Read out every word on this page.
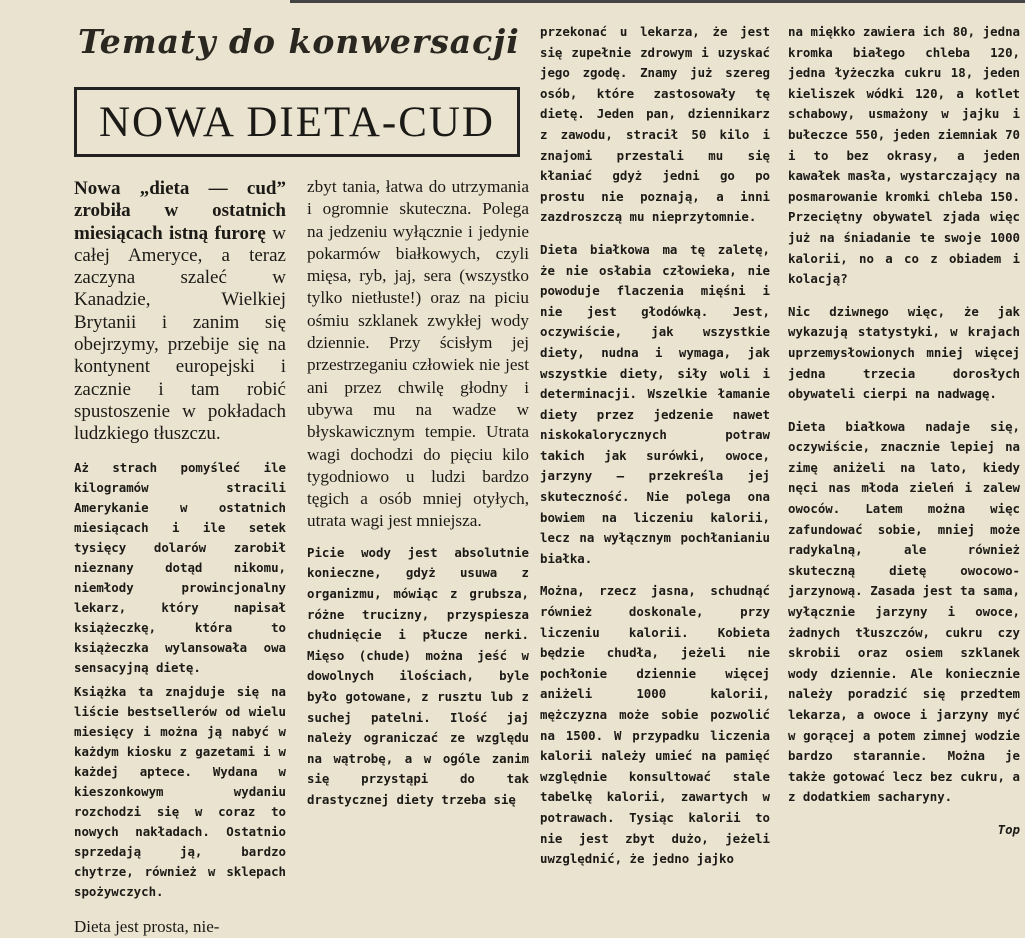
Tematy do konwersacji
NOWA DIETA-CUD

Nowa „dieta — cud” zrobiła w ostatnich miesiącach istną furorę w całej Ameryce, a teraz zaczyna szaleć w Kanadzie, Wielkiej Brytanii i zanim się obejrzymy, przebije się na kontynent europejski i zacznie i tam robić spustoszenie w pokładach ludzkiego tłuszczu.

Aż strach pomyśleć ile kilogramów stracili Amerykanie w ostatnich miesiącach i ile setek tysięcy dolarów zarobił nieznany dotąd nikomu, niemłody prowincjonalny lekarz, który napisał książeczkę, która to książeczka wylansowała owa sensacyjną dietę.

Książka ta znajduje się na liście bestsellerów od wielu miesięcy i można ją nabyć w każdym kiosku z gazetami i w każdej aptece. Wydana w kieszonkowym wydaniu rozchodzi się w coraz to nowych nakładach. Ostatnio sprzedają ją, bardzo chytrze, również w sklepach spożywczych.

Dieta jest prosta, nie-

zbyt tania, łatwa do utrzymania i ogromnie skuteczna. Polega na jedzeniu wyłącznie i jedynie pokarmów białkowych, czyli mięsa, ryb, jaj, sera (wszystko tylko nietłuste!) oraz na piciu ośmiu szklanek zwykłej wody dziennie. Przy ścisłym jej przestrzeganiu człowiek nie jest ani przez chwilę głodny i ubywa mu na wadze w błyskawicznym tempie. Utrata wagi dochodzi do pięciu kilo tygodniowo u ludzi bardzo tęgich a osób mniej otyłych, utrata wagi jest mniejsza.

Picie wody jest absolutnie konieczne, gdyż usuwa z organizmu, mówiąc z grubsza, różne trucizny, przyspiesza chudnięcie i płucze nerki. Mięso (chude) można jeść w dowolnych ilościach, byle było gotowane, z rusztu lub z suchej patelni. Ilość jaj należy ograniczać ze względu na wątrobę, a w ogóle zanim się przystąpi do tak drastycznej diety trzeba się

przekonać u lekarza, że jest się zupełnie zdrowym i uzyskać jego zgodę. Znamy już szereg osób, które zastosowały tę dietę. Jeden pan, dziennikarz z zawodu, stracił 50 kilo i znajomi przestali mu się kłaniać gdyż jedni go po prostu nie poznają, a inni zazdroszczą mu nieprzytomnie.

Dieta białkowa ma tę zaletę, że nie osłabia człowieka, nie powoduje flaczenia mięśni i nie jest głodówką. Jest, oczywiście, jak wszystkie diety, nudna i wymaga, jak wszystkie diety, siły woli i determinacji. Wszelkie łamanie diety przez jedzenie nawet niskokalorycznych potraw takich jak surówki, owoce, jarzyny — przekreśla jej skuteczność. Nie polega ona bowiem na liczeniu kalorii, lecz na wyłącznym pochłanianiu białka.

Można, rzecz jasna, schudnąć również doskonale, przy liczeniu kalorii. Kobieta będzie chudła, jeżeli nie pochłonie dziennie więcej aniżeli 1000 kalorii, mężczyzna może sobie pozwolić na 1500. W przypadku liczenia kalorii należy umieć na pamięć względnie konsultować stale tabelkę kalorii, zawartych w potrawach. Tysiąc kalorii to nie jest zbyt dużo, jeżeli uwzględnić, że jedno jajko

na miękko zawiera ich 80, jedna kromka białego chleba 120, jedna łyżeczka cukru 18, jeden kieliszek wódki 120, a kotlet schabowy, usmażony w jajku i bułeczce 550, jeden ziemniak 70 i to bez okrasy, a jeden kawałek masła, wystarczający na posmarowanie kromki chleba 150. Przeciętny obywatel zjada więc już na śniadanie te swoje 1000 kalorii, no a co z obiadem i kolacją?

Nic dziwnego więc, że jak wykazują statystyki, w krajach uprzemysłowionych mniej więcej jedna trzecia dorosłych obywateli cierpi na nadwagę.

Dieta białkowa nadaje się, oczywiście, znacznie lepiej na zimę aniżeli na lato, kiedy nęci nas młoda zieleń i zalew owoców. Latem można więc zafundować sobie, mniej może radykalną, ale również skuteczną dietę owocowo-jarzynową. Zasada jest ta sama, wyłącznie jarzyny i owoce, żadnych tłuszczów, cukru czy skrobii oraz osiem szklanek wody dziennie. Ale koniecznie należy poradzić się przedtem lekarza, a owoce i jarzyny myć w gorącej a potem zimnej wodzie bardzo starannie. Można je także gotować lecz bez cukru, a z dodatkiem sacharyny.

Top
